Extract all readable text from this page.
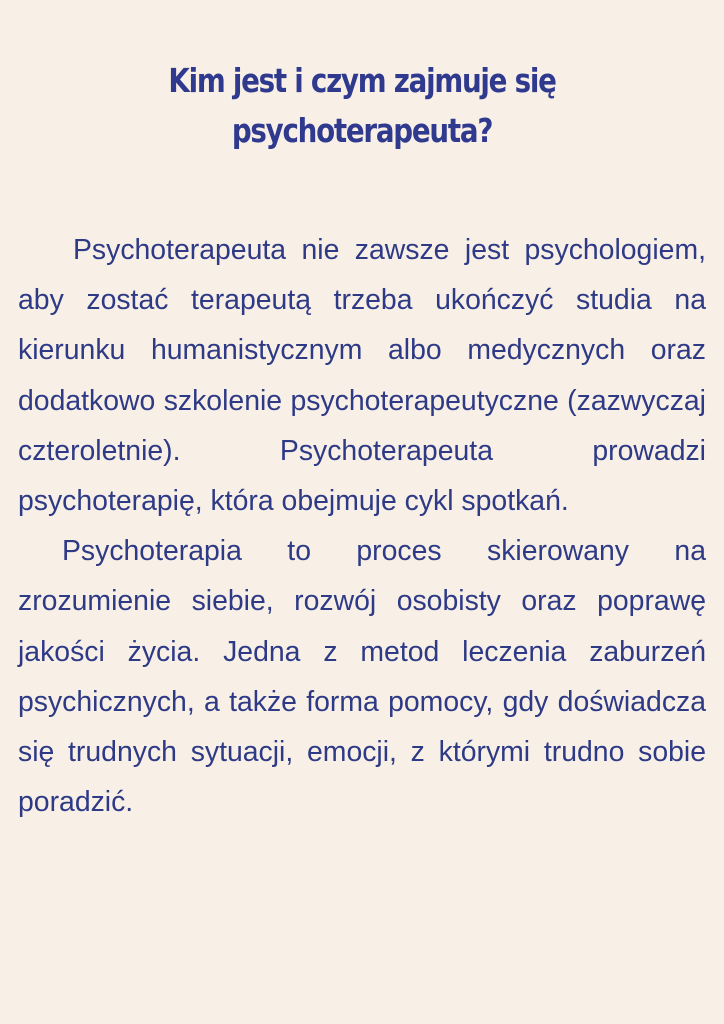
Kim jest i czym zajmuje się
psychoterapeuta?

Psychoterapeuta nie zawsze jest psychologiem, aby zostać terapeutą trzeba ukończyć studia na kierunku humanistycznym albo medycznych oraz dodatkowo szkolenie psychoterapeutyczne (zazwyczaj czteroletnie). Psychoterapeuta prowadzi psychoterapię, która obejmuje cykl spotkań.

Psychoterapia to proces skierowany na zrozumienie siebie, rozwój osobisty oraz poprawę jakości życia. Jedna z metod leczenia zaburzeń psychicznych, a także forma pomocy, gdy doświadcza się trudnych sytuacji, emocji, z którymi trudno sobie poradzić.
